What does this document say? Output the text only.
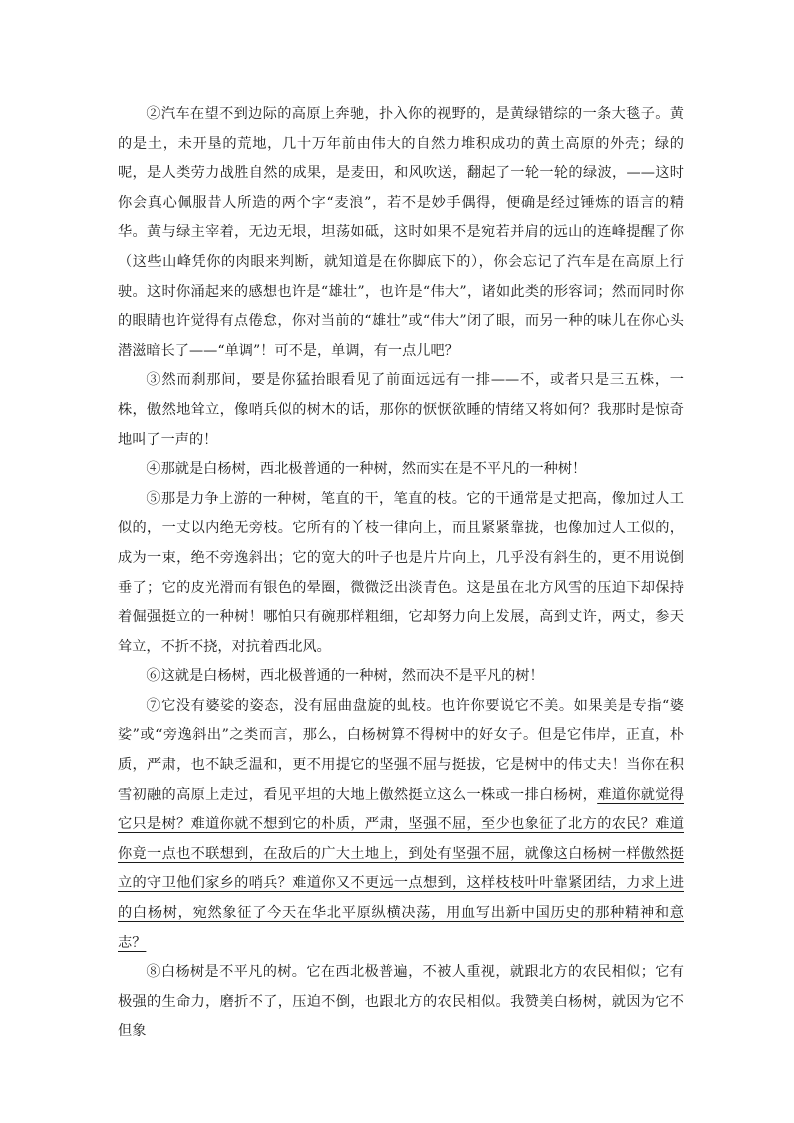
②汽车在望不到边际的高原上奔驰，扑入你的视野的，是黄绿错综的一条大毯子。黄的是土，未开垦的荒地，几十万年前由伟大的自然力堆积成功的黄土高原的外壳；绿的呢，是人类劳力战胜自然的成果，是麦田，和风吹送，翻起了一轮一轮的绿波，——这时你会真心佩服昔人所造的两个字“麦浪”，若不是妙手偶得，便确是经过锤炼的语言的精华。黄与绿主宰着，无边无垠，坦荡如砥，这时如果不是宛若并肩的远山的连峰提醒了你（这些山峰凭你的肉眼来判断，就知道是在你脚底下的），你会忘记了汽车是在高原上行驶。这时你涌起来的感想也许是“雄壮”，也许是“伟大”，诸如此类的形容词；然而同时你的眼睛也许觉得有点倦怠，你对当前的“雄壮”或“伟大”闭了眼，而另一种的味儿在你心头潜滋暗长了——“单调”！可不是，单调，有一点儿吧？

③然而刹那间，要是你猛抬眼看见了前面远远有一排——不，或者只是三五株，一株，傲然地耸立，像哨兵似的树木的话，那你的恹恹欲睡的情绪又将如何？我那时是惊奇地叫了一声的！

④那就是白杨树，西北极普通的一种树，然而实在是不平凡的一种树！

⑤那是力争上游的一种树，笔直的干，笔直的枝。它的干通常是丈把高，像加过人工似的，一丈以内绝无旁枝。它所有的丫枝一律向上，而且紧紧靠拢，也像加过人工似的，成为一束，绝不旁逸斜出；它的宽大的叶子也是片片向上，几乎没有斜生的，更不用说倒垂了；它的皮光滑而有银色的晕圈，微微泛出淡青色。这是虽在北方风雪的压迫下却保持着倔强挺立的一种树！哪怕只有碗那样粗细，它却努力向上发展，高到丈许，两丈，参天耸立，不折不挠，对抗着西北风。

⑥这就是白杨树，西北极普通的一种树，然而决不是平凡的树！

⑦它没有婆娑的姿态，没有屈曲盘旋的虬枝。也许你要说它不美。如果美是专指“婆娑”或“旁逸斜出”之类而言，那么，白杨树算不得树中的好女子。但是它伟岸，正直，朴质，严肃，也不缺乏温和，更不用提它的坚强不屈与挺拔，它是树中的伟丈夫！当你在积雪初融的高原上走过，看见平坦的大地上傲然挺立这么一株或一排白杨树，难道你就觉得它只是树？难道你就不想到它的朴质，严肃，坚强不屈，至少也象征了北方的农民？难道你竟一点也不联想到，在敌后的广大土地上，到处有坚强不屈，就像这白杨树一样傲然挺立的守卫他们家乡的哨兵？难道你又不更远一点想到，这样枝枝叶叶靠紧团结，力求上进的白杨树，宛然象征了今天在华北平原纵横决荡，用血写出新中国历史的那种精神和意志？

⑧白杨树是不平凡的树。它在西北极普遍，不被人重视，就跟北方的农民相似；它有极强的生命力，磨折不了，压迫不倒，也跟北方的农民相似。我赞美白杨树，就因为它不但象
